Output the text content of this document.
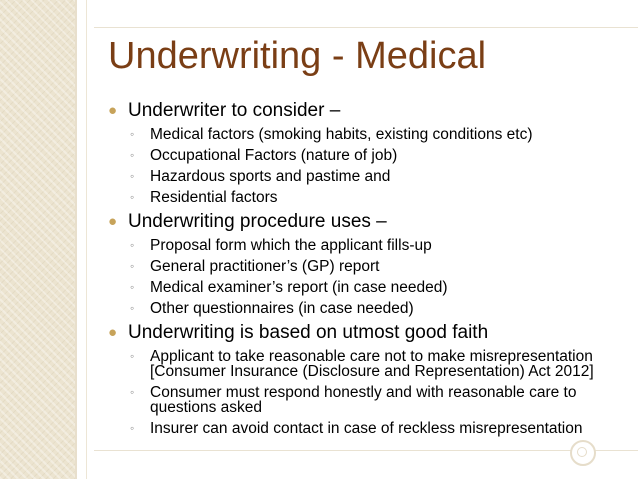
Underwriting - Medical
● Underwriter to consider –
◦ Medical factors (smoking habits, existing conditions etc)
◦ Occupational Factors (nature of job)
◦ Hazardous sports and pastime and
◦ Residential factors
● Underwriting procedure uses –
◦ Proposal form which the applicant fills-up
◦ General practitioner’s (GP) report
◦ Medical examiner’s report (in case needed)
◦ Other questionnaires (in case needed)
● Underwriting is based on utmost good faith
◦ Applicant to take reasonable care not to make misrepresentation [Consumer Insurance (Disclosure and Representation) Act 2012]
◦ Consumer must respond honestly and with reasonable care to questions asked
◦ Insurer can avoid contact in case of reckless misrepresentation
